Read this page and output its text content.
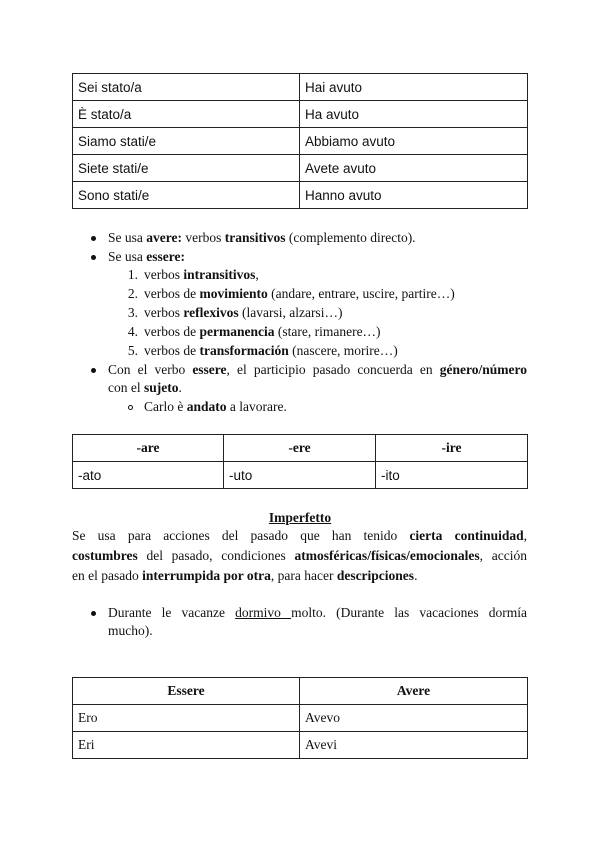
Sei stato/a	Hai avuto
È stato/a	Ha avuto
Siamo stati/e	Abbiamo avuto
Siete stati/e	Avete avuto
Sono stati/e	Hanno avuto
Se usa avere: verbos transitivos (complemento directo).
Se usa essere:
1. verbos intransitivos,
2. verbos de movimiento (andare, entrare, uscire, partire…)
3. verbos reflexivos (lavarsi, alzarsi…)
4. verbos de permanencia (stare, rimanere…)
5. verbos de transformación (nascere, morire…)
Con el verbo essere, el participio pasado concuerda en género/número
con el sujeto.
Carlo è andato a lavorare.
-are	-ere	-ire
-ato	-uto	-ito
Imperfetto
Se usa para acciones del pasado que han tenido cierta continuidad,
costumbres del pasado, condiciones atmosféricas/físicas/emocionales, acción
en el pasado interrumpida por otra, para hacer descripciones.
Durante le vacanze dormivo molto. (Durante las vacaciones dormía
mucho).
Essere	Avere
Ero	Avevo
Eri	Avevi
